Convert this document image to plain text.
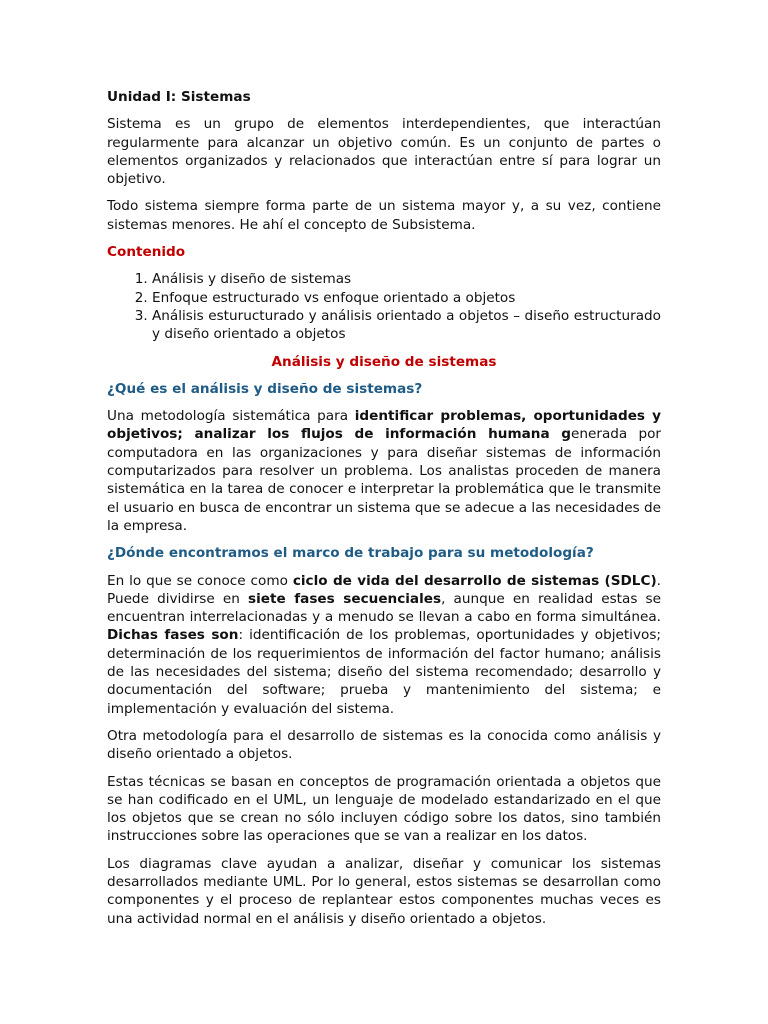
Unidad I: Sistemas

Sistema es un grupo de elementos interdependientes, que interactúan regularmente para alcanzar un objetivo común. Es un conjunto de partes o elementos organizados y relacionados que interactúan entre sí para lograr un objetivo.

Todo sistema siempre forma parte de un sistema mayor y, a su vez, contiene sistemas menores. He ahí el concepto de Subsistema.

Contenido
1. Análisis y diseño de sistemas
2. Enfoque estructurado vs enfoque orientado a objetos
3. Análisis esturucturado y análisis orientado a objetos – diseño estructurado y diseño orientado a objetos
Análisis y diseño de sistemas
¿Qué es el análisis y diseño de sistemas?

Una metodología sistemática para identificar problemas, oportunidades y objetivos; analizar los flujos de información humana generada por computadora en las organizaciones y para diseñar sistemas de información computarizados para resolver un problema. Los analistas proceden de manera sistemática en la tarea de conocer e interpretar la problemática que le transmite el usuario en busca de encontrar un sistema que se adecue a las necesidades de la empresa.

¿Dónde encontramos el marco de trabajo para su metodología?

En lo que se conoce como ciclo de vida del desarrollo de sistemas (SDLC). Puede dividirse en siete fases secuenciales, aunque en realidad estas se encuentran interrelacionadas y a menudo se llevan a cabo en forma simultánea. Dichas fases son: identificación de los problemas, oportunidades y objetivos; determinación de los requerimientos de información del factor humano; análisis de las necesidades del sistema; diseño del sistema recomendado; desarrollo y documentación del software; prueba y mantenimiento del sistema; e implementación y evaluación del sistema.

Otra metodología para el desarrollo de sistemas es la conocida como análisis y diseño orientado a objetos.

Estas técnicas se basan en conceptos de programación orientada a objetos que se han codificado en el UML, un lenguaje de modelado estandarizado en el que los objetos que se crean no sólo incluyen código sobre los datos, sino también instrucciones sobre las operaciones que se van a realizar en los datos.

Los diagramas clave ayudan a analizar, diseñar y comunicar los sistemas desarrollados mediante UML. Por lo general, estos sistemas se desarrollan como componentes y el proceso de replantear estos componentes muchas veces es una actividad normal en el análisis y diseño orientado a objetos.
